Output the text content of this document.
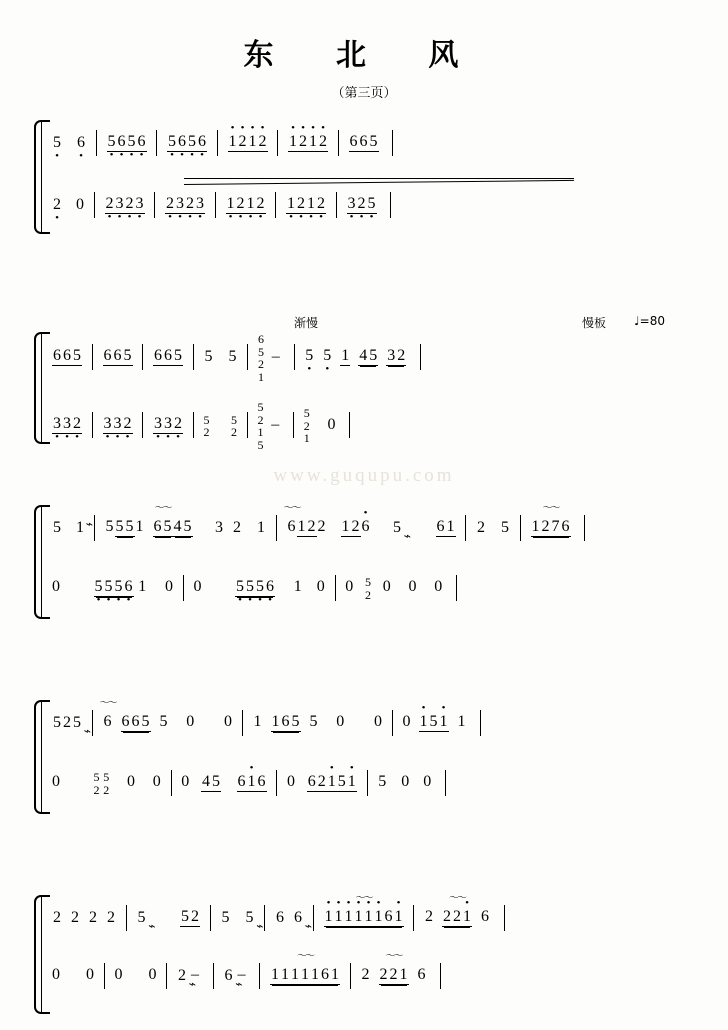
东 北 风
（第三页）
www.guqupu.com
5 • 6 • 5 • 6 • 5 • 6 • 5 • 6 • 5 • 6 • • 1 • 2 • 1 • 2 • 1 • 2 • 1 • 2 6 6 5
2 • 0 2 • 3 • 2 • 3 • 2 • 3 • 2 • 3 • 1 • 2 • 1 • 2 • 1 • 2 • 1 • 2 • 3 • 2 • 5 •
渐慢	慢板 ♩=80
6 6 5 6 6 5 6 6 5 5 5
6
5
2
1
– 5 • 5 • 1 4 5 3 2
3 • 3 • 2 • 3 • 3 • 2 • 3 • 3 • 2 • 5
2

5
2

5
2
1
5
–
5
2
1
0
5 1 ⌁ 5 5 5 1 〜〜 6 5 4 5 3 2 1 〜〜 6 1 2 2 1 2 • 6 5 6 1 2 5 〜〜 1 2 7 6
0 5 • 5 • 5 • 6 • 1 0 0 5 • 5 • 5 • 6 • 1 0 0 5
2 0 0 0
5 2 5 〜〜 6 6 6 5 5 0 0 1 1 6 5 5 0 0 0 • 1 5 • 1 1
0	5
2

5
2 0 0 0 4 5 6 • 1 6 0 6 2 • 1 5 • 1 5 0 0
2 2 2 2 5 5 2 5 5 6 6 〜〜 • 1 • 1 • 1 • 1 • 1 • 1 6 • 1 〜〜 2 2 2 • 1 6
0 0 0 0 2 – 6 – 〜〜 1 1 1 1 1 6 1 〜〜 2 2 2 1 6
